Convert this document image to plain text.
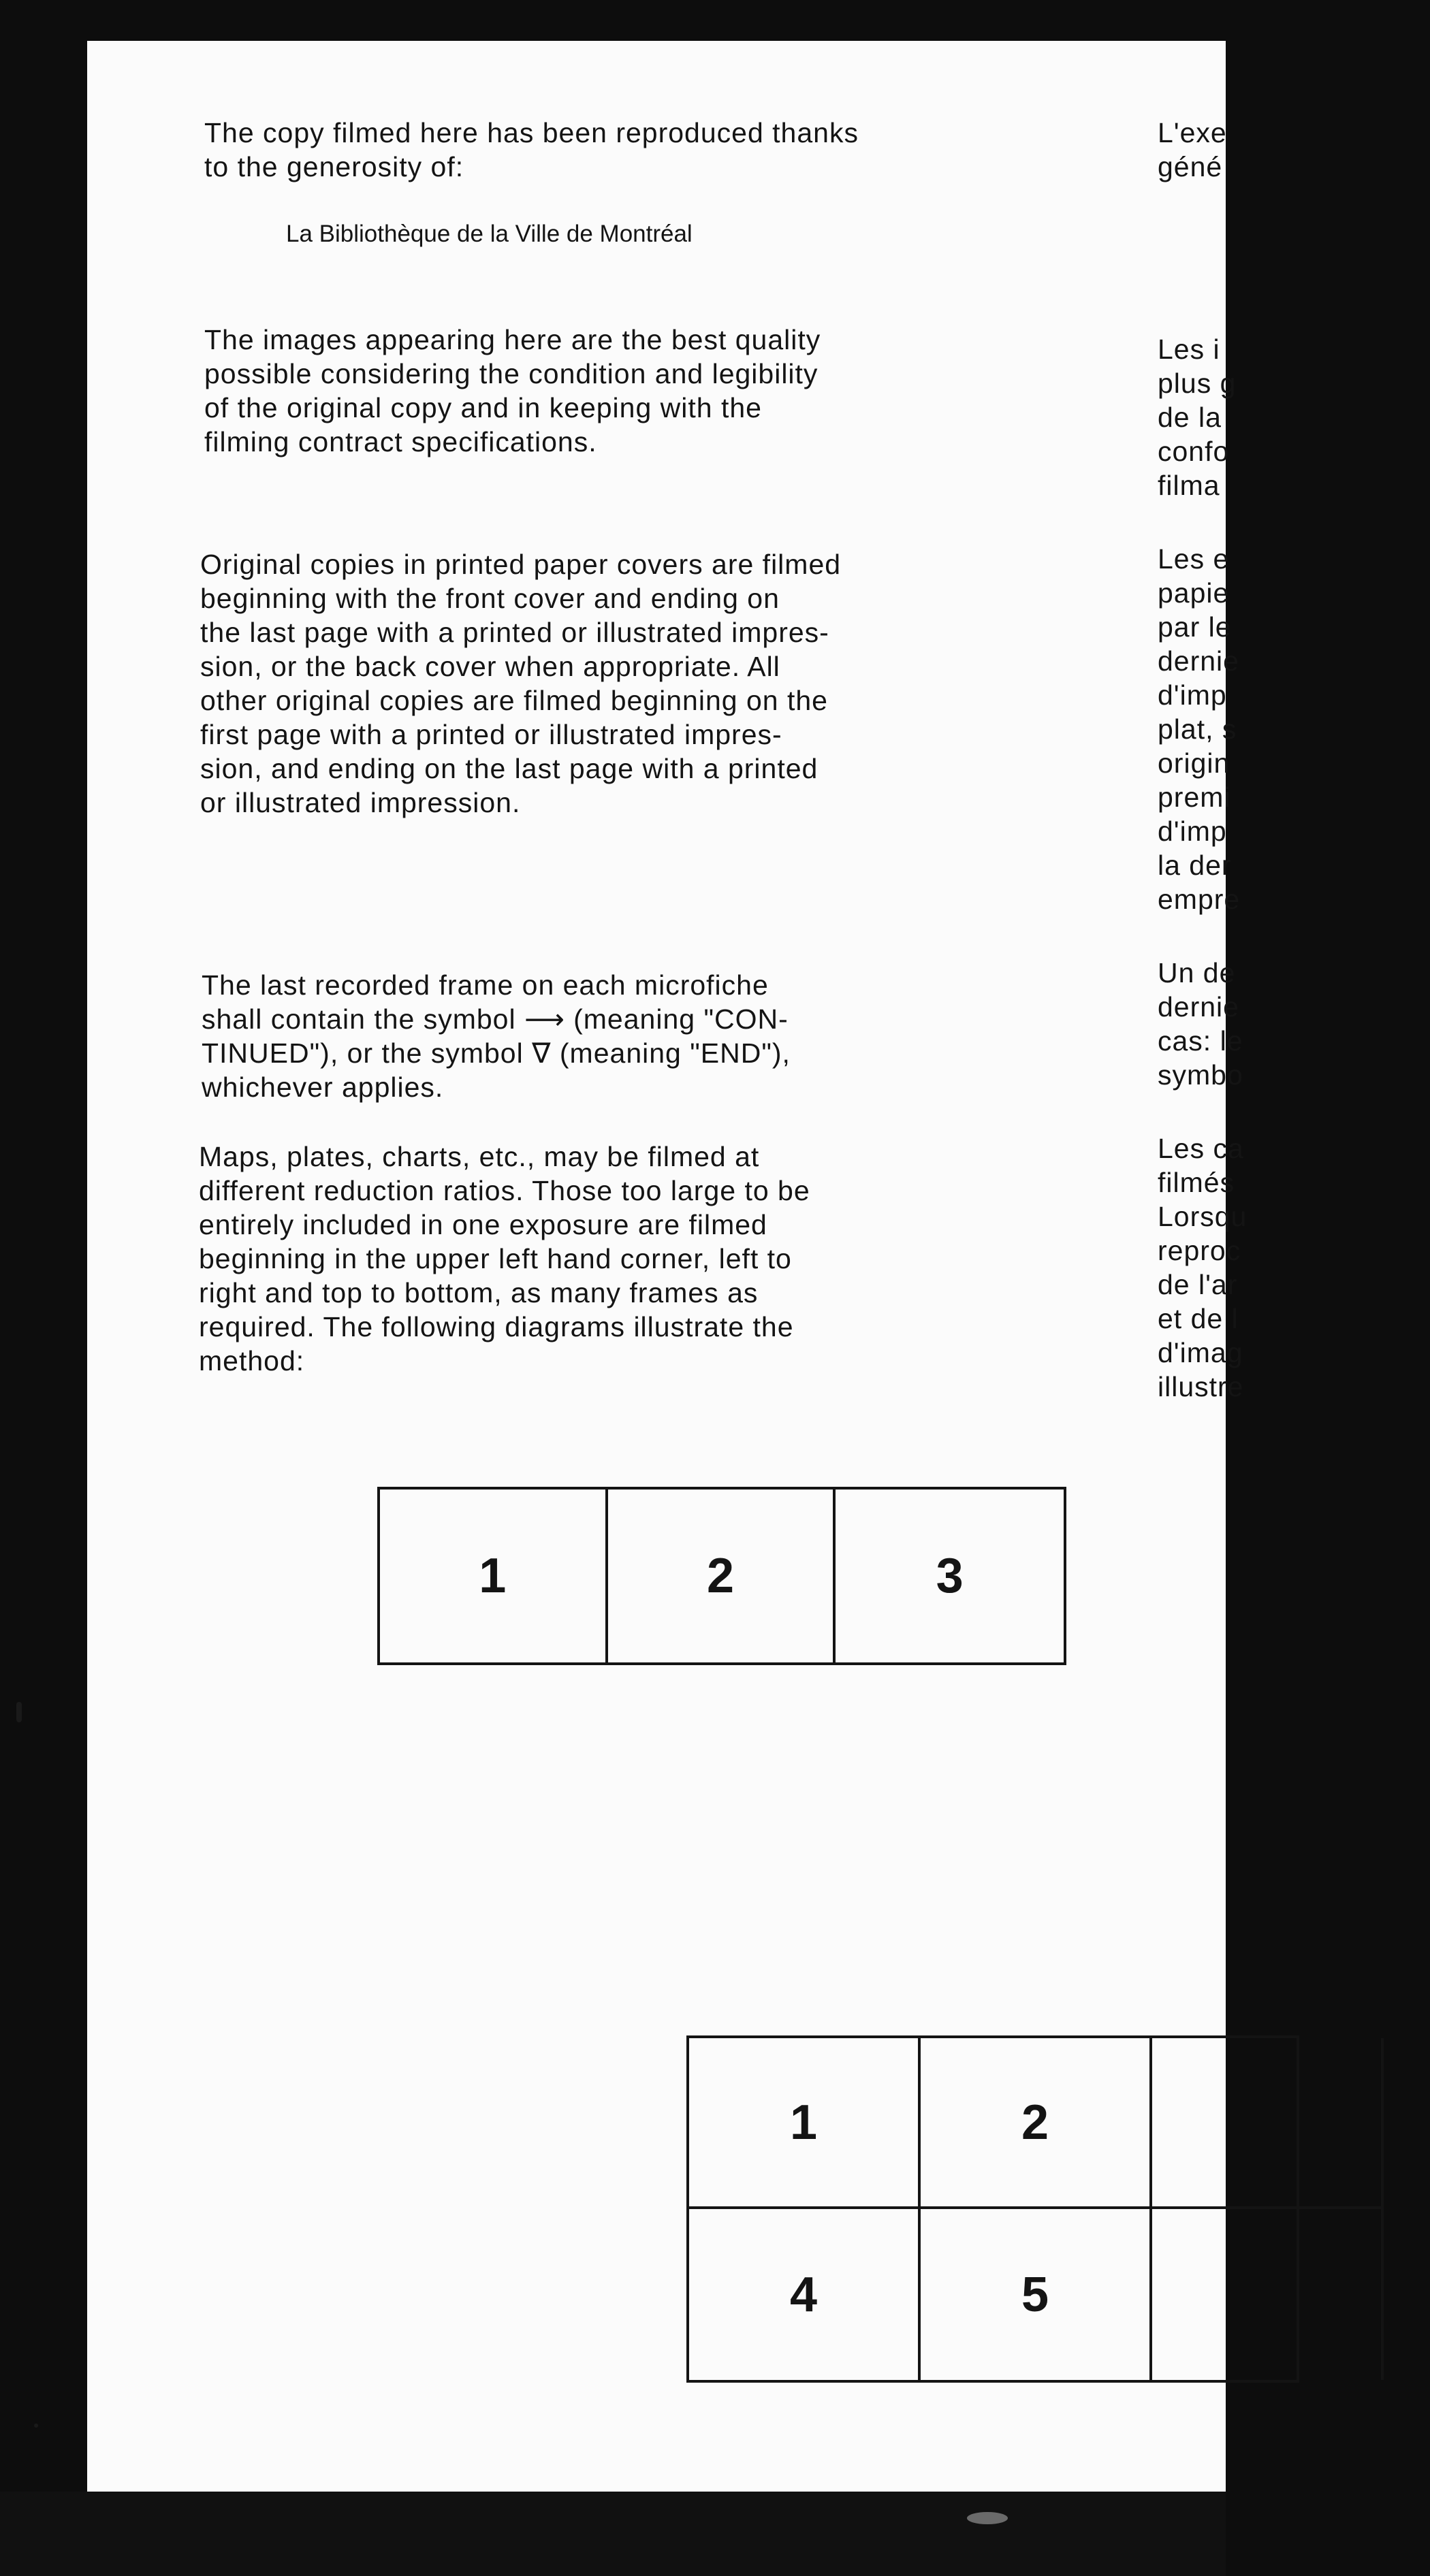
The copy filmed here has been reproduced thanks
to the generosity of:

La Bibliothèque de la Ville de Montréal

The images appearing here are the best quality
possible considering the condition and legibility
of the original copy and in keeping with the
filming contract specifications.

Original copies in printed paper covers are filmed
beginning with the front cover and ending on
the last page with a printed or illustrated impres-
sion, or the back cover when appropriate. All
other original copies are filmed beginning on the
first page with a printed or illustrated impres-
sion, and ending on the last page with a printed
or illustrated impression.

The last recorded frame on each microfiche
shall contain the symbol ⟶ (meaning "CON-
TINUED"), or the symbol ∇ (meaning "END"),
whichever applies.

Maps, plates, charts, etc., may be filmed at
different reduction ratios. Those too large to be
entirely included in one exposure are filmed
beginning in the upper left hand corner, left to
right and top to bottom, as many frames as
required. The following diagrams illustrate the
method:

L'exe
géné

Les i
plus g
de la
confo
filma

Les e
papie
par le
dernie
d'imp
plat, s
origin
premi
d'imp
la der
empre

Un de
dernie
cas: le
symbo

Les ca
filmés
Lorsqu
reproc
de l'ar
et de l
d'imag
illustre

1	2	3
1	2
4	5
